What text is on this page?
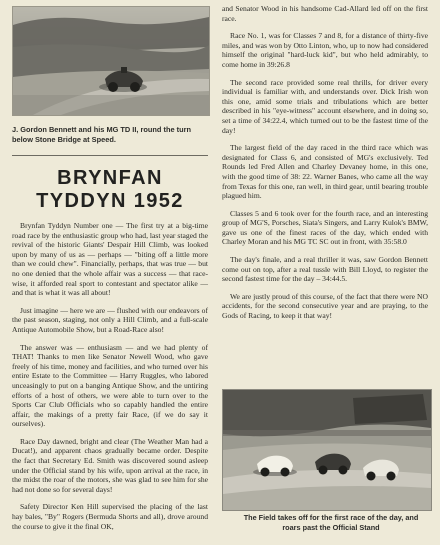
J. Gordon Bennett and his MG TD II, round the turn below Stone Bridge at Speed.
BRYNFAN TYDDYN 1952

Brynfan Tyddyn Number one — The first try at a big-time road race by the enthusiastic group who had, last year staged the revival of the historic Giants' Despair Hill Climb, was looked upon by many of us as — perhaps — "biting off a little more than we could chew". Financially, perhaps, that was true — but no one denied that the whole affair was a success — that race-wise, it afforded real sport to contestant and spectator alike — and that is what it was all about!

Just imagine — here we are — flushed with our endeavors of the past season, staging, not only a Hill Climb, and a full-scale Antique Automobile Show, but a Road-Race also!

The answer was — enthusiasm — and we had plenty of THAT! Thanks to men like Senator Newell Wood, who gave freely of his time, money and facilities, and who turned over his entire Estate to the Committee — Harry Ruggles, who labored unceasingly to put on a banging Antique Show, and the untiring efforts of a host of others, we were able to turn over to the Sports Car Club Officials who so capably handled the entire affair, the makings of a pretty fair Race, (if we do say it ourselves).

Race Day dawned, bright and clear (The Weather Man had a Ducat!), and apparent chaos gradually became order. Despite the fact that Secretary Ed. Smith was discovered sound asleep under the Official stand by his wife, upon arrival at the race, in the midst the roar of the motors, she was glad to see him for she had not done so for several days!

Safety Director Ken Hill supervised the placing of the last hay bales, "By" Rogers (Bermuda Shorts and all), drove around the course to give it the final OK,

and Senator Wood in his handsome Cad-Allard led off on the first race.

Race No. 1, was for Classes 7 and 8, for a distance of thirty-five miles, and was won by Otto Linton, who, up to now had considered himself the original "hard-luck kid", but who held admirably, to come home in 39:26.8

The second race provided some real thrills, for driver every individual is familiar with, and understands over. Dick Irish won this one, amid some trials and tribulations which are better described in his "eye-witness" account elsewhere, and in doing so, set a time of 34:22.4, which turned out to be the fastest time of the day!

The largest field of the day raced in the third race which was designated for Class 6, and consisted of MG's exclusively. Ted Rounds led Fred Allen and Charley Devaney home, in this one, with the good time of 38: 22. Warner Banes, who came all the way from Texas for this one, ran well, in third gear, until bearing trouble plagued him.

Classes 5 and 6 took over for the fourth race, and an interesting group of MG'S, Porsches, Siata's Singers, and Larry Kulok's BMW, gave us one of the finest races of the day, which ended with Charley Moran and his MG TC SC out in front, with 35:58.0

The day's finale, and a real thriller it was, saw Gordon Bennett come out on top, after a real tussle with Bill Lloyd, to register the second fastest time for the day – 34:44.5.

We are justly proud of this course, of the fact that there were NO accidents, for the second consecutive year and are praying, to the Gods of Racing, to keep it that way!

The Field takes off for the first race of the day, and roars past the Official Stand
